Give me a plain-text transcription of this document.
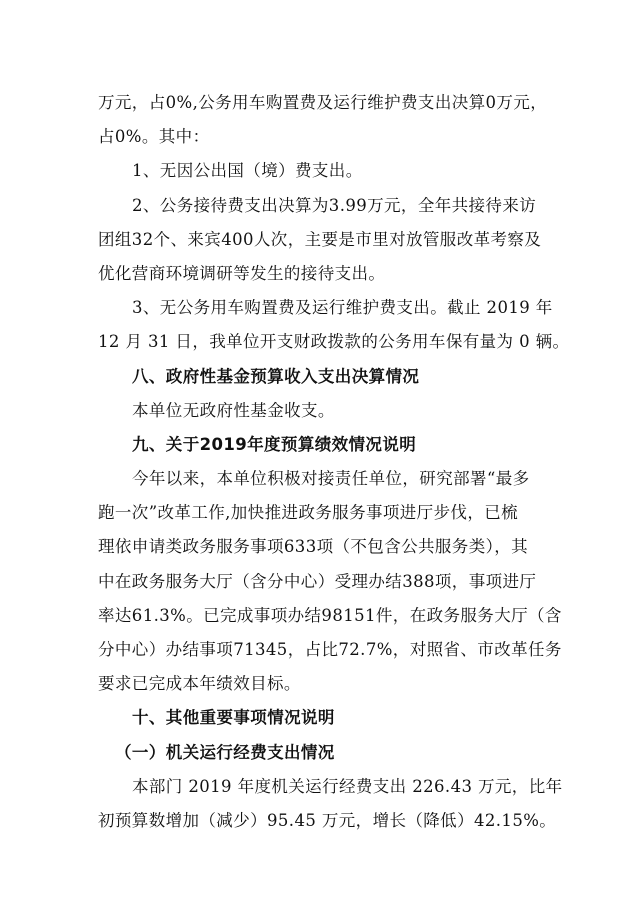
万元，占0%,公务用车购置费及运行维护费支出决算0万元，
占0%。其中：
1、无因公出国（境）费支出。
2、公务接待费支出决算为3.99万元，全年共接待来访
团组32个、来宾400人次，主要是市里对放管服改革考察及
优化营商环境调研等发生的接待支出。
3、无公务用车购置费及运行维护费支出。截止 2019 年
12 月 31 日，我单位开支财政拨款的公务用车保有量为 0 辆。
八、政府性基金预算收入支出决算情况
本单位无政府性基金收支。
九、关于2019年度预算绩效情况说明
今年以来，本单位积极对接责任单位，研究部署“最多
跑一次”改革工作,加快推进政务服务事项进厅步伐，已梳
理依申请类政务服务事项633项（不包含公共服务类），其
中在政务服务大厅（含分中心）受理办结388项，事项进厅
率达61.3%。已完成事项办结98151件，在政务服务大厅（含
分中心）办结事项71345，占比72.7%，对照省、市改革任务
要求已完成本年绩效目标。
十、其他重要事项情况说明
（一）机关运行经费支出情况
本部门 2019 年度机关运行经费支出 226.43 万元，比年
初预算数增加（减少）95.45 万元，增长（降低）42.15%。
